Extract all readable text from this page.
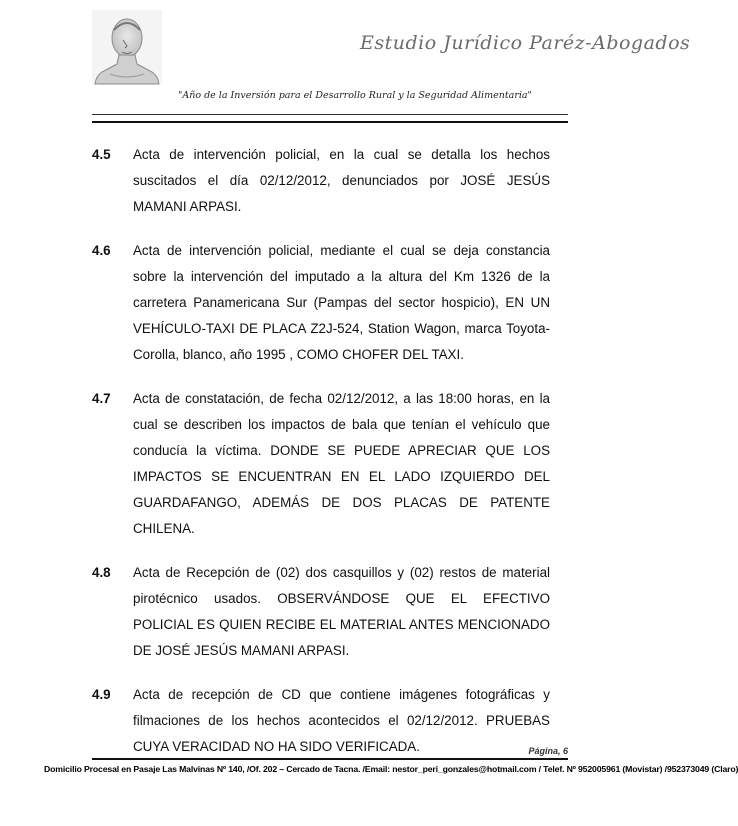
Estudio Jurídico Paréz-Abogados
"Año de la Inversión para el Desarrollo Rural y la Seguridad Alimentaria"
4.5 Acta de intervención policial, en la cual se detalla los hechos suscitados el día 02/12/2012, denunciados por JOSÉ JESÚS MAMANI ARPASI.
4.6 Acta de intervención policial, mediante el cual se deja constancia sobre la intervención del imputado a la altura del Km 1326 de la carretera Panamericana Sur (Pampas del sector hospicio), EN UN VEHÍCULO-TAXI DE PLACA Z2J-524, Station Wagon, marca Toyota-Corolla, blanco, año 1995 , COMO CHOFER DEL TAXI.
4.7 Acta de constatación, de fecha 02/12/2012, a las 18:00 horas, en la cual se describen los impactos de bala que tenían el vehículo que conducía la víctima. DONDE SE PUEDE APRECIAR QUE LOS IMPACTOS SE ENCUENTRAN EN EL LADO IZQUIERDO DEL GUARDAFANGO, ADEMÁS DE DOS PLACAS DE PATENTE CHILENA.
4.8 Acta de Recepción de (02) dos casquillos y (02) restos de material pirotécnico usados. OBSERVÁNDOSE QUE EL EFECTIVO POLICIAL ES QUIEN RECIBE EL MATERIAL ANTES MENCIONADO DE JOSÉ JESÚS MAMANI ARPASI.
4.9 Acta de recepción de CD que contiene imágenes fotográficas y filmaciones de los hechos acontecidos el 02/12/2012. PRUEBAS CUYA VERACIDAD NO HA SIDO VERIFICADA.	Página, 6
Domicilio Procesal en Pasaje Las Malvinas Nº 140, /Of. 202 – Cercado de Tacna. /Email: nestor_peri_gonzales@hotmail.com / Telef. Nº 952005961 (Movistar) /952373049 (Claro)
